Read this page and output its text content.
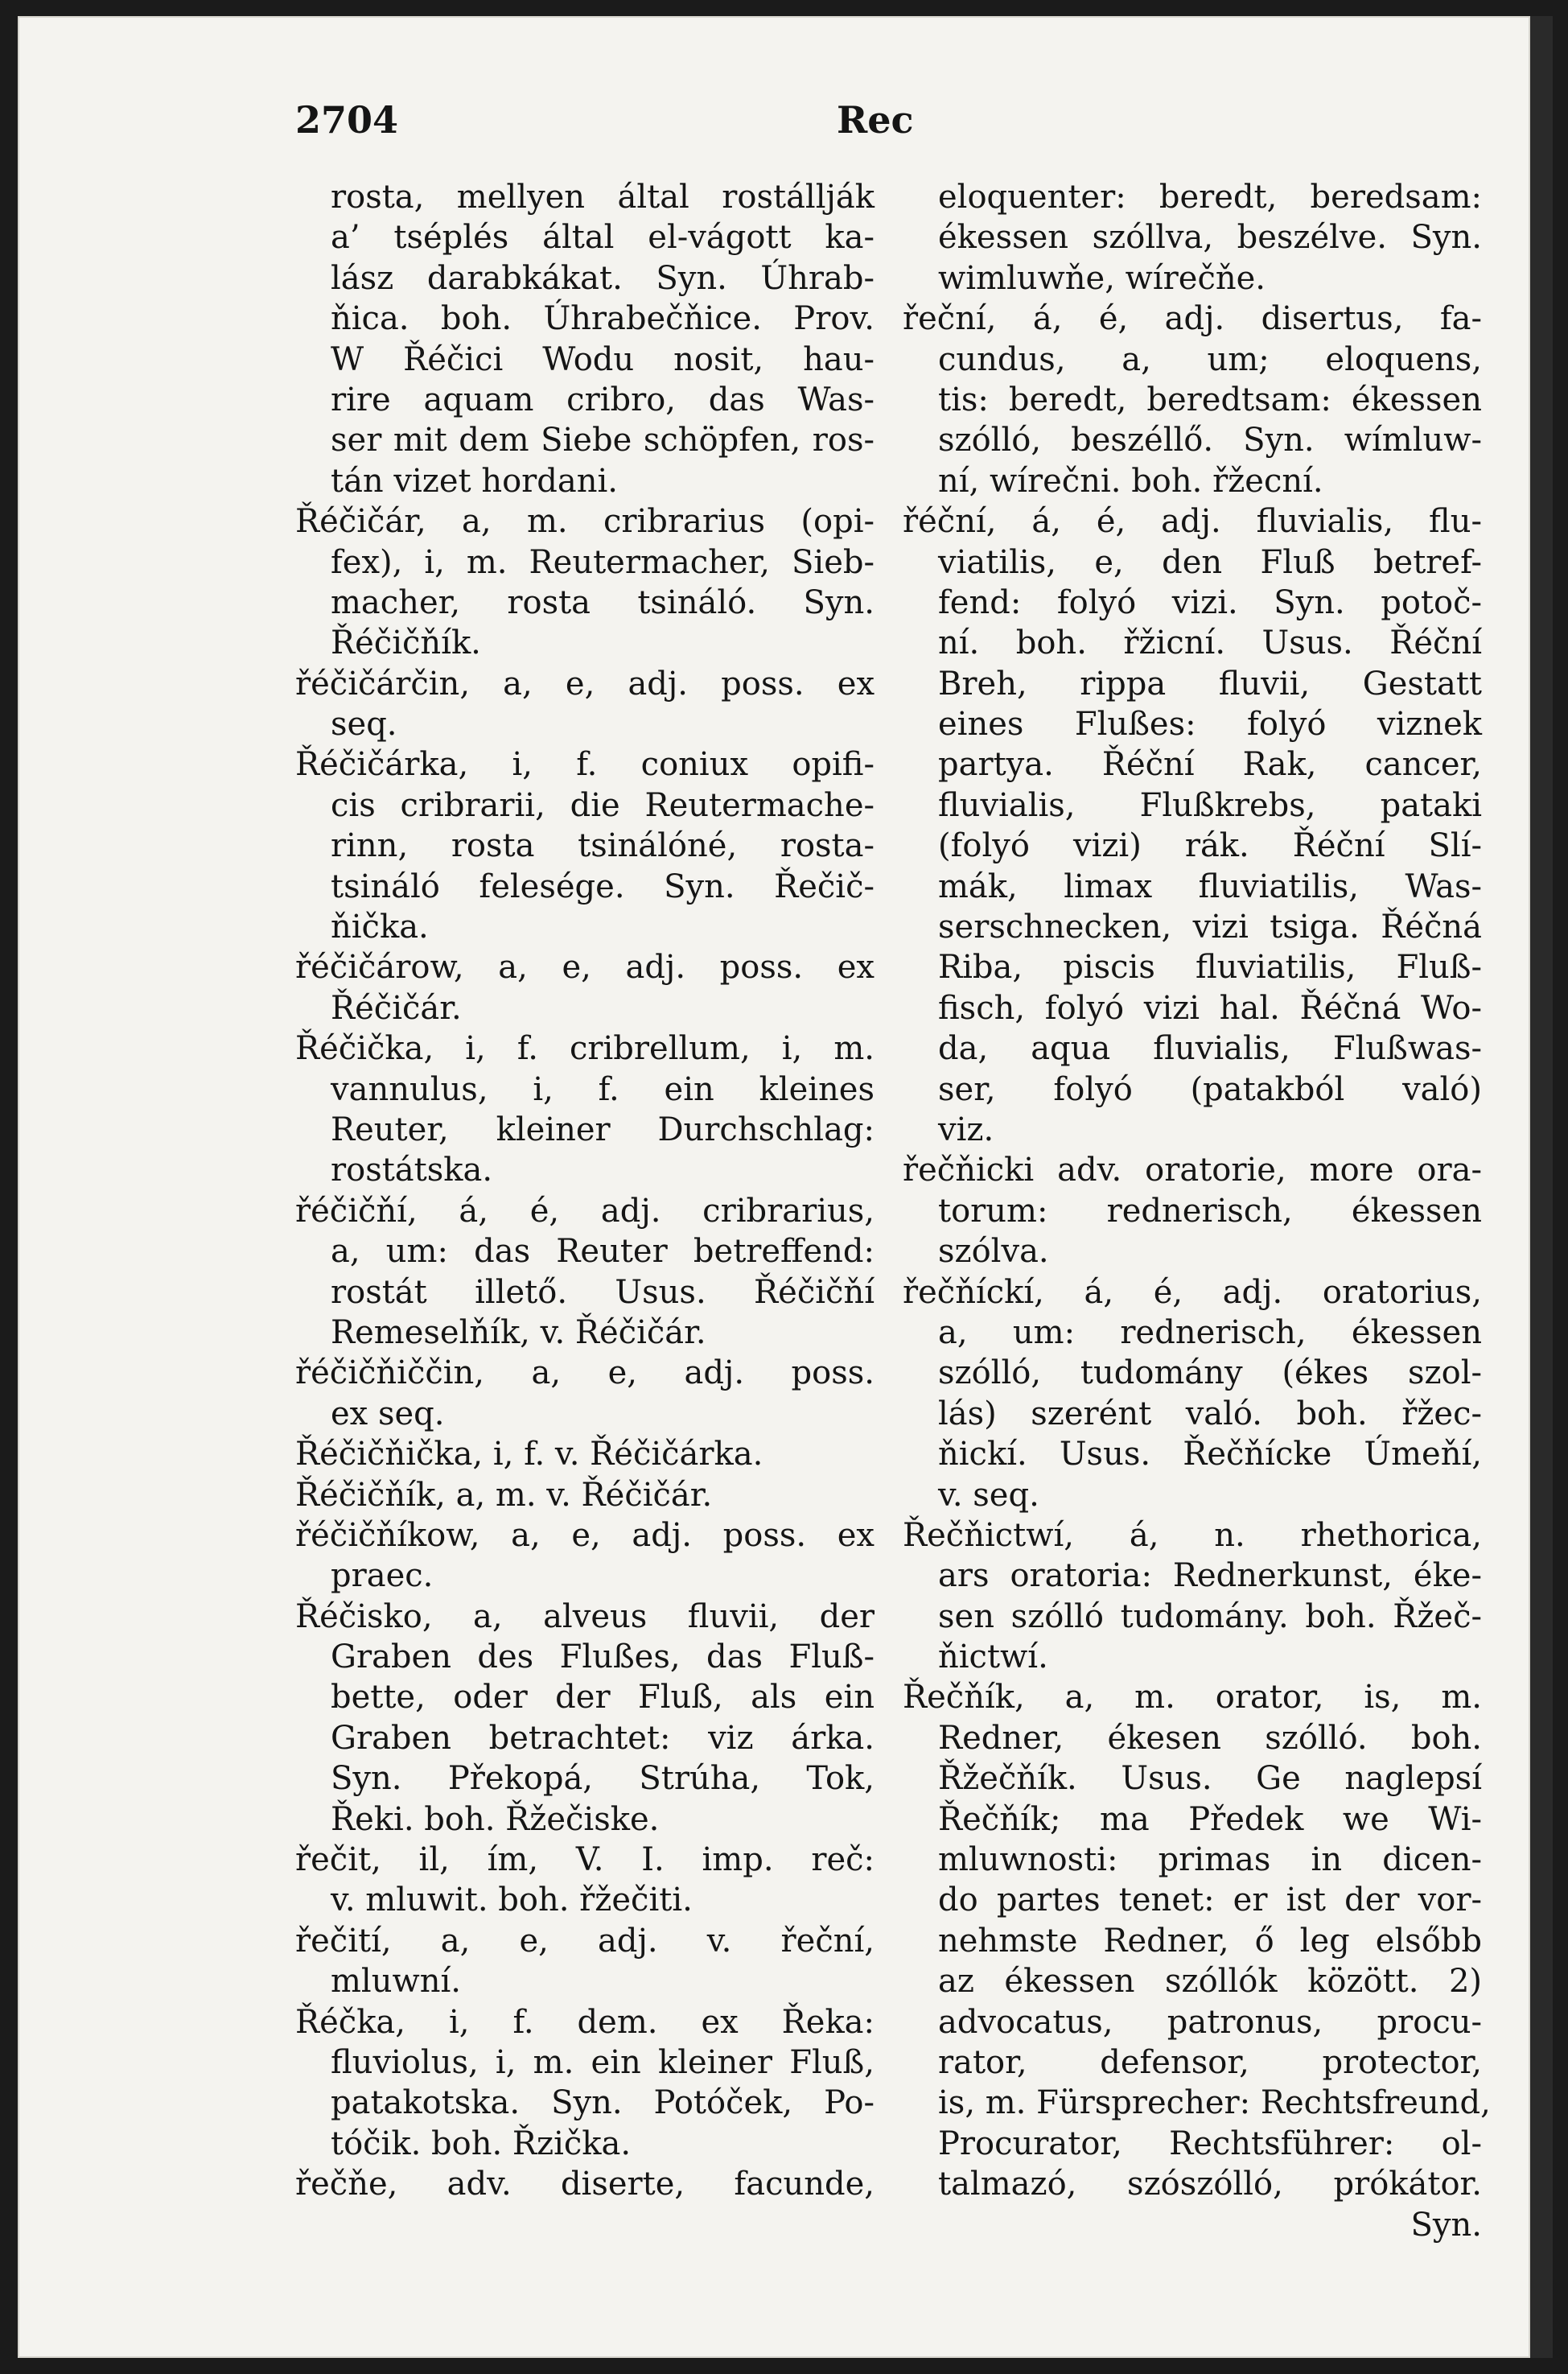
2704	Rec
rosta, mellyen által rostállják
a’ tséplés által el-vágott ka-
lász darabkákat. Syn. Úhrab-
ňica. boh. Úhrabečňice. Prov.
W Řéčici Wodu nosit, hau-
rire aquam cribro, das Was-
ser mit dem Siebe schöpfen, ros-
tán vizet hordani.
Řéčičár, a, m. cribrarius (opi-
fex), i, m. Reutermacher, Sieb-
macher, rosta tsináló. Syn.
Řéčičňík.
řéčičárčin, a, e, adj. poss. ex
seq.
Řéčičárka, i, f. coniux opifi-
cis cribrarii, die Reutermache-
rinn, rosta tsinálóné, rosta-
tsináló felesége. Syn. Řečič-
ňička.
řéčičárow, a, e, adj. poss. ex
Řéčičár.
Řéčička, i, f. cribrellum, i, m.
vannulus, i, f. ein kleines
Reuter, kleiner Durchschlag:
rostátska.
řéčičňí, á, é, adj. cribrarius,
a, um: das Reuter betreffend:
rostát illető. Usus. Řéčičňí
Remeselňík, v. Řéčičár.
řéčičňiččin, a, e, adj. poss.
ex seq.
Řéčičňička, i, f. v. Řéčičárka.
Řéčičňík, a, m. v. Řéčičár.
řéčičňíkow, a, e, adj. poss. ex
praec.
Řéčisko, a, alveus fluvii, der
Graben des Flußes, das Fluß-
bette, oder der Fluß, als ein
Graben betrachtet: viz árka.
Syn. Překopá, Strúha, Tok,
Řeki. boh. Řžečiske.
řečit, il, ím, V. I. imp. reč:
v. mluwit. boh. řžečiti.
řečití, a, e, adj. v. řeční,
mluwní.
Řéčka, i, f. dem. ex Řeka:
fluviolus, i, m. ein kleiner Fluß,
patakotska. Syn. Potóček, Po-
tóčik. boh. Řzička.
řečňe, adv. diserte, facunde,
eloquenter: beredt, beredsam:
ékessen szóllva, beszélve. Syn.
wimluwňe, wírečňe.
řeční, á, é, adj. disertus, fa-
cundus, a, um; eloquens,
tis: beredt, beredtsam: ékessen
szólló, beszéllő. Syn. wímluw-
ní, wírečni. boh. řžecní.
řéční, á, é, adj. fluvialis, flu-
viatilis, e, den Fluß betref-
fend: folyó vizi. Syn. potoč-
ní. boh. řžicní. Usus. Řéční
Breh, rippa fluvii, Gestatt
eines Flußes: folyó viznek
partya. Řéční Rak, cancer,
fluvialis, Flußkrebs, pataki
(folyó vizi) rák. Řéční Slí-
mák, limax fluviatilis, Was-
serschnecken, vizi tsiga. Řéčná
Riba, piscis fluviatilis, Fluß-
fisch, folyó vizi hal. Řéčná Wo-
da, aqua fluvialis, Flußwas-
ser, folyó (patakból való)
viz.
řečňicki adv. oratorie, more ora-
torum: rednerisch, ékessen
szólva.
řečňíckí, á, é, adj. oratorius,
a, um: rednerisch, ékessen
szólló, tudomány (ékes szol-
lás) szerént való. boh. řžec-
ňickí. Usus. Řečňícke Úmeňí,
v. seq.
Řečňictwí, á, n. rhethorica,
ars oratoria: Rednerkunst, éke-
sen szólló tudomány. boh. Řžeč-
ňictwí.
Řečňík, a, m. orator, is, m.
Redner, ékesen szólló. boh.
Řžečňík. Usus. Ge naglepsí
Řečňík; ma Předek we Wi-
mluwnosti: primas in dicen-
do partes tenet: er ist der vor-
nehmste Redner, ő leg elsőbb
az ékessen szóllók között. 2)
advocatus, patronus, procu-
rator, defensor, protector,
is, m. Fürsprecher: Rechtsfreund,
Procurator, Rechtsführer: ol-
talmazó, szószólló, prókátor.
Syn.
